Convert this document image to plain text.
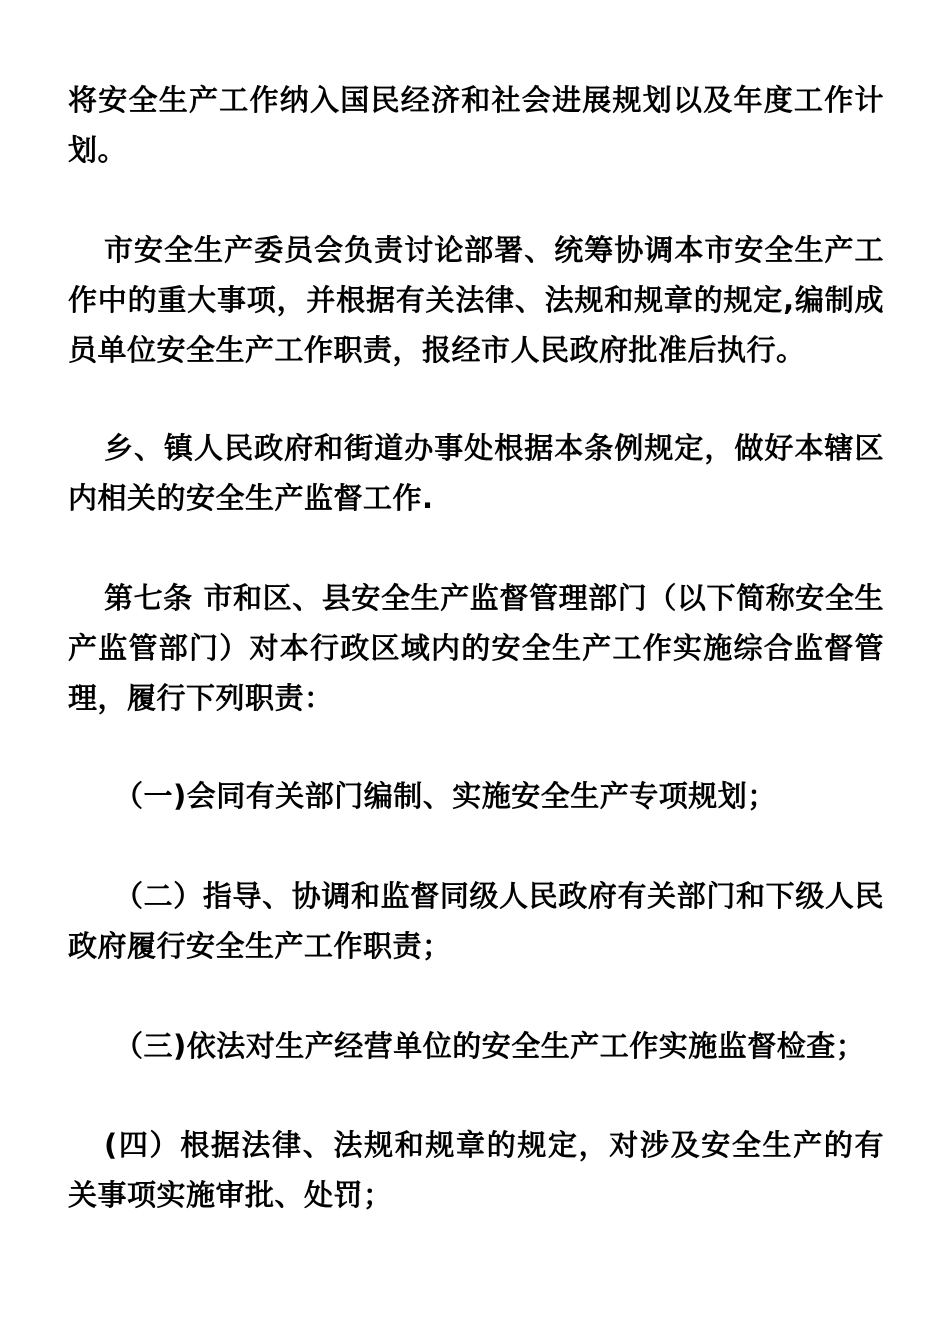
将安全生产工作纳入国民经济和社会进展规划以及年度工作计划。

市安全生产委员会负责讨论部署、统筹协调本市安全生产工作中的重大事项，并根据有关法律、法规和规章的规定,编制成员单位安全生产工作职责，报经市人民政府批准后执行。

乡、镇人民政府和街道办事处根据本条例规定，做好本辖区内相关的安全生产监督工作.

第七条 市和区、县安全生产监督管理部门（以下简称安全生产监管部门）对本行政区域内的安全生产工作实施综合监督管理，履行下列职责：

（一)会同有关部门编制、实施安全生产专项规划；

（二）指导、协调和监督同级人民政府有关部门和下级人民政府履行安全生产工作职责；

（三)依法对生产经营单位的安全生产工作实施监督检查；

(四）根据法律、法规和规章的规定，对涉及安全生产的有关事项实施审批、处罚；
